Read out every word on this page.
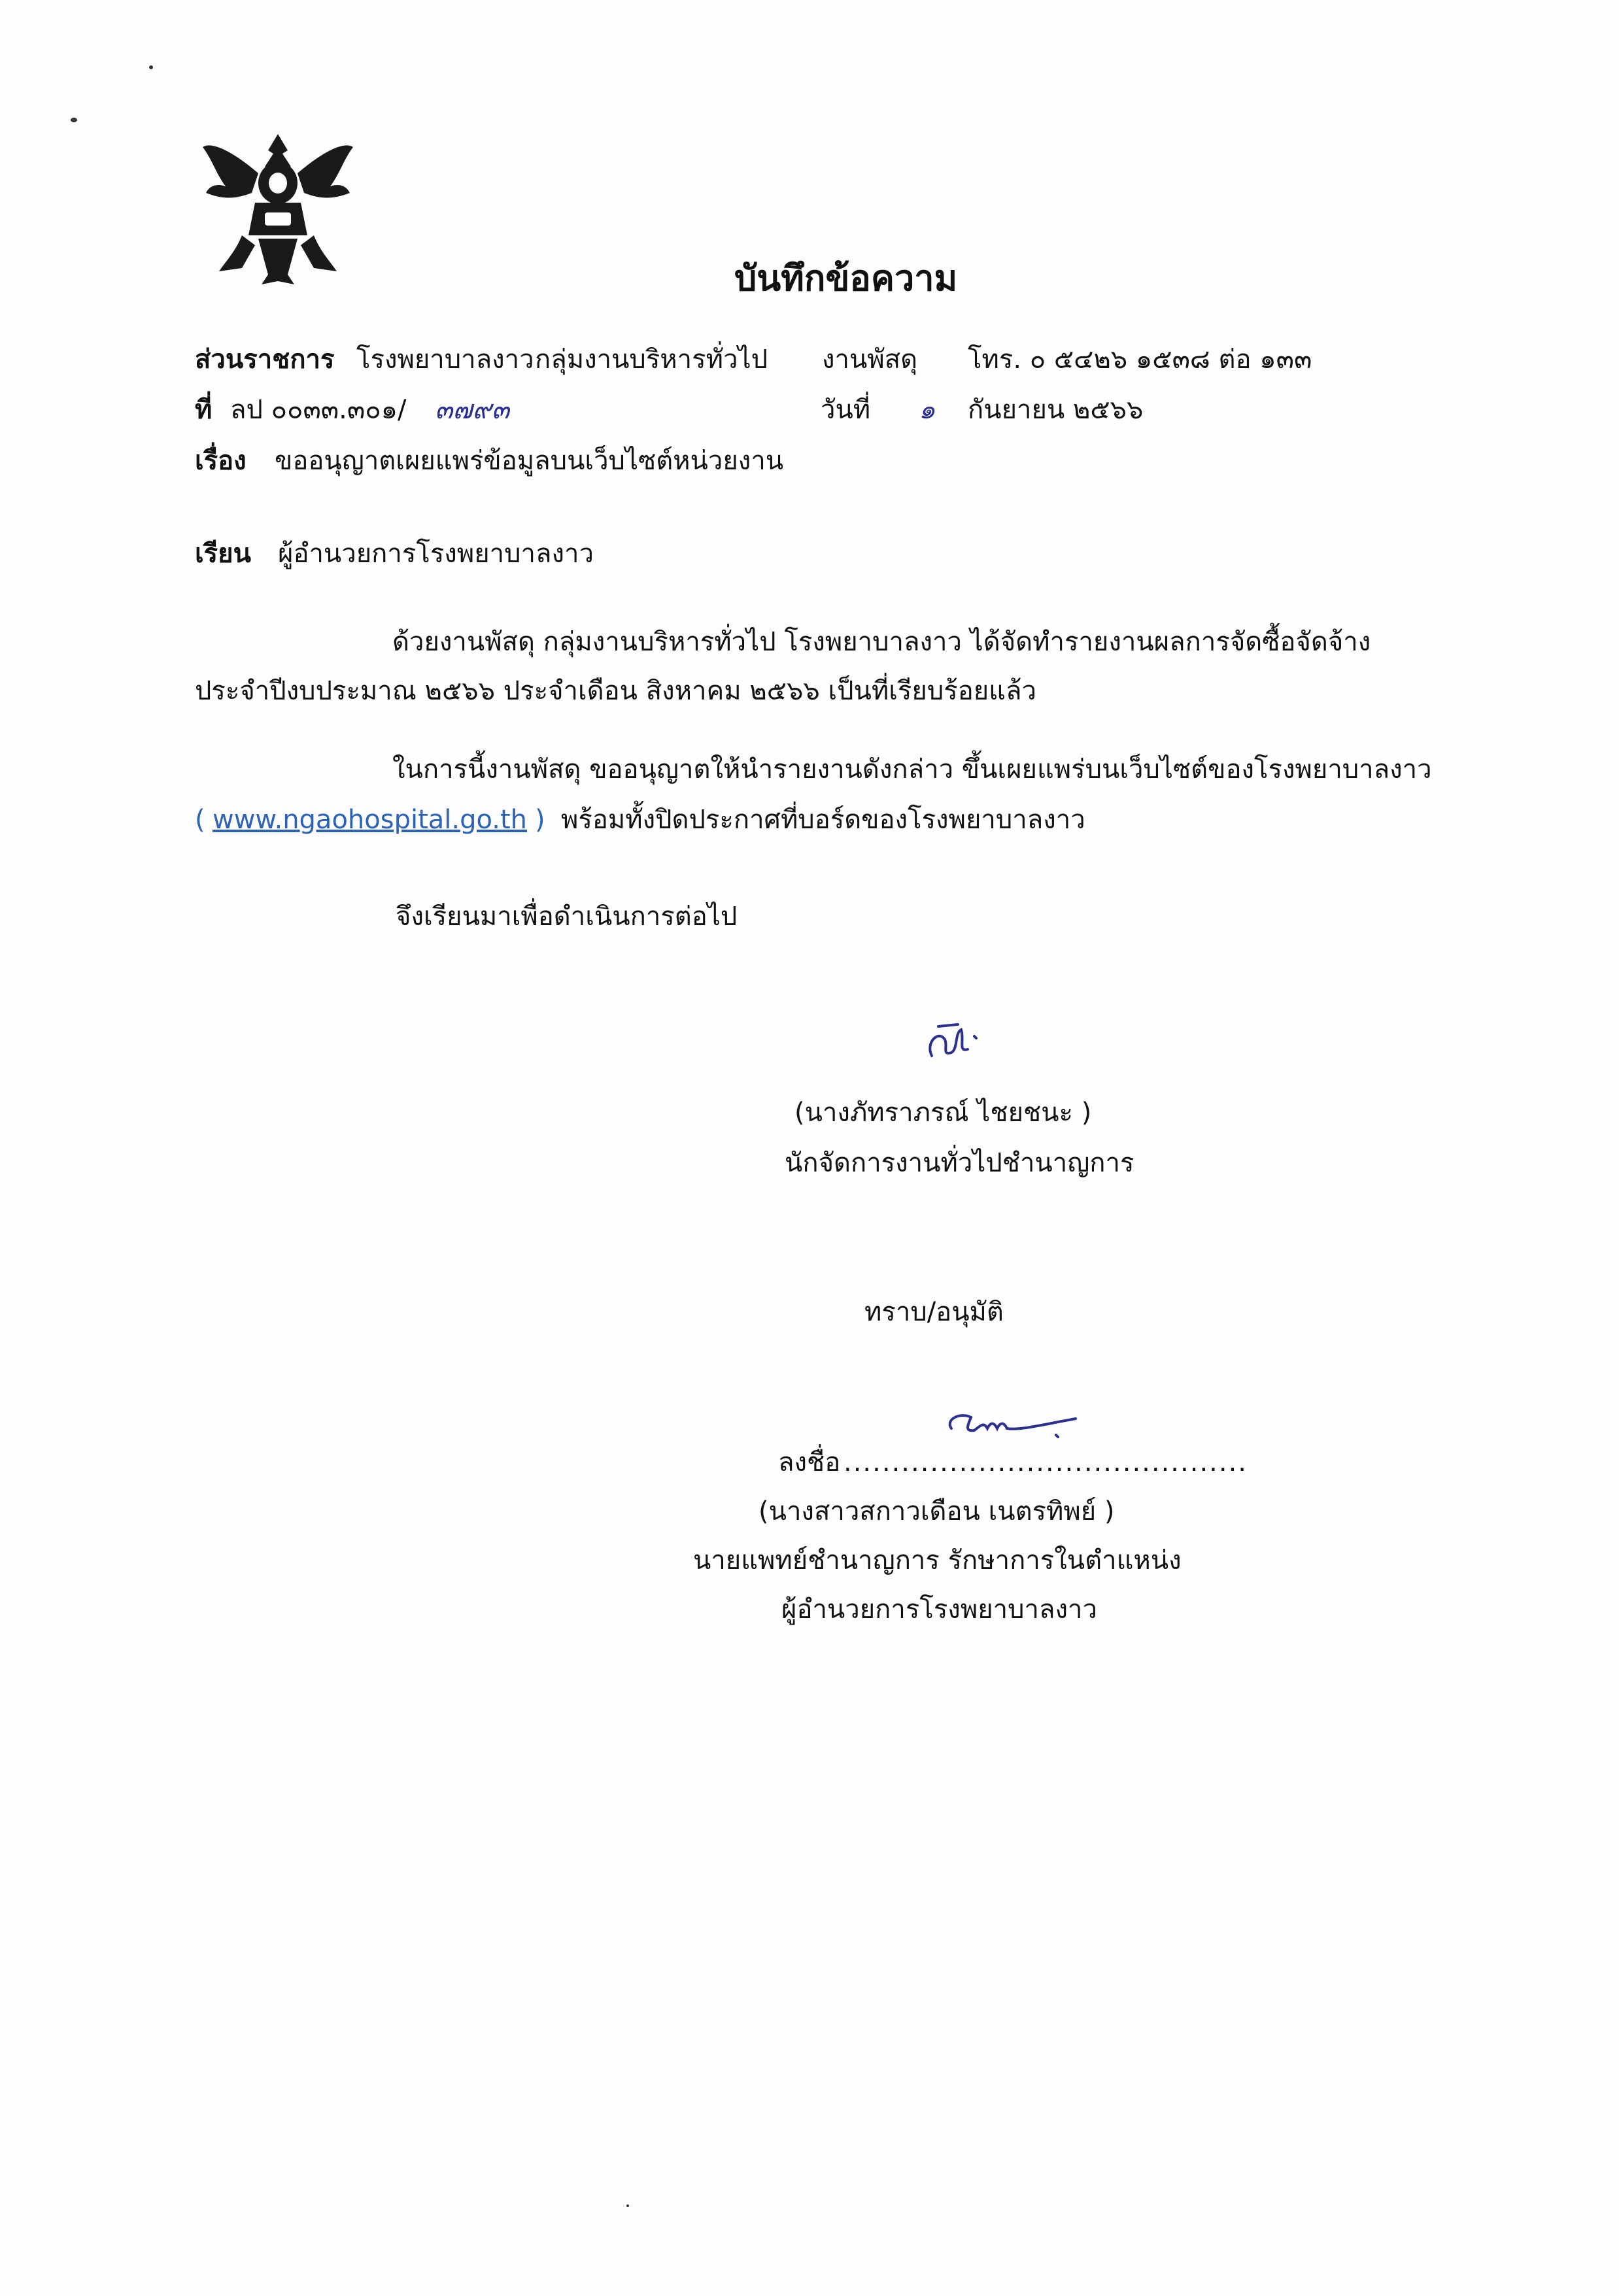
บันทึกข้อความ
ส่วนราชการ โรงพยาบาลงาว กลุ่มงานบริหารทั่วไป งานพัสดุ โทร. ๐ ๕๔๒๖ ๑๕๓๘ ต่อ ๑๓๓
ที่ ลป ๐๐๓๓.๓๐๑/ ๓๗๙๓	วันที่ ๑ กันยายน ๒๕๖๖
เรื่อง ขออนุญาตเผยแพร่ข้อมูลบนเว็บไซต์หน่วยงาน
เรียน ผู้อำนวยการโรงพยาบาลงาว
ด้วยงานพัสดุ กลุ่มงานบริหารทั่วไป โรงพยาบาลงาว ได้จัดทำรายงานผลการจัดซื้อจัดจ้าง
ประจำปีงบประมาณ ๒๕๖๖ ประจำเดือน สิงหาคม ๒๕๖๖ เป็นที่เรียบร้อยแล้ว
ในการนี้งานพัสดุ ขออนุญาตให้นำรายงานดังกล่าว ขึ้นเผยแพร่บนเว็บไซต์ของโรงพยาบาลงาว
( www.ngaohospital.go.th ) พร้อมทั้งปิดประกาศที่บอร์ดของโรงพยาบาลงาว
จึงเรียนมาเพื่อดำเนินการต่อไป
(นางภัทราภรณ์ ไชยชนะ )
นักจัดการงานทั่วไปชำนาญการ
ทราบ/อนุมัติ
ลงชื่อ ..........................................
(นางสาวสกาวเดือน เนตรทิพย์ )
นายแพทย์ชำนาญการ รักษาการในตำแหน่ง
ผู้อำนวยการโรงพยาบาลงาว
